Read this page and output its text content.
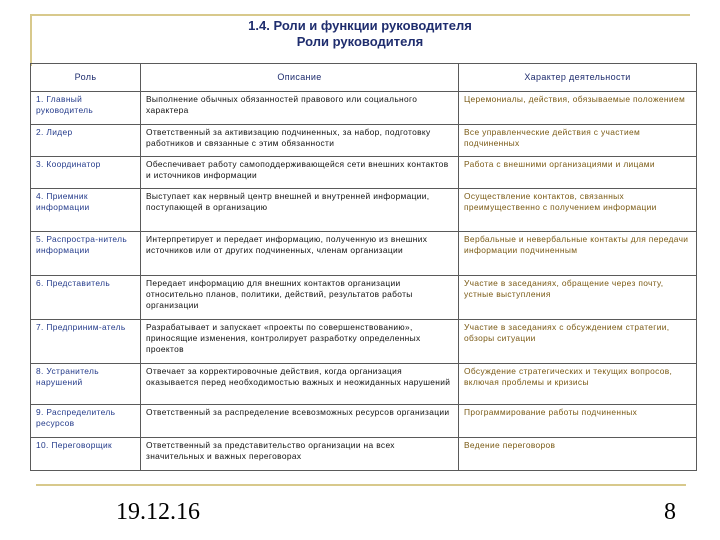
1.4. Роли и функции руководителя
Роли руководителя
Роль	Описание	Характер деятельности
1. Главный руководитель	Выполнение обычных обязанностей правового или социального характера	Церемониалы, действия, обязываемые положением
2. Лидер	Ответственный за активизацию подчиненных, за набор, подготовку работников и связанные с этим обязанности	Все управленческие действия с участием подчиненных
3. Координатор	Обеспечивает работу самоподдерживающейся сети внешних контактов и источников информации	Работа с внешними организациями и лицами
4. Приемник информации	Выступает как нервный центр внешней и внутренней информации, поступающей в организацию	Осуществление контактов, связанных преимущественно с получением информации
5. Распростра-нитель информации	Интерпретирует и передает информацию, полученную из внешних источников или от других подчиненных, членам организации	Вербальные и невербальные контакты для передачи информации подчиненным
6. Представитель	Передает информацию для внешних контактов организации относительно планов, политики, действий, результатов работы организации	Участие в заседаниях, обращение через почту, устные выступления
7. Предприним-атель	Разрабатывает и запускает «проекты по совершенствованию», приносящие изменения, контролирует разработку определенных проектов	Участие в заседаниях с обсуждением стратегии, обзоры ситуации
8. Устранитель нарушений	Отвечает за корректировочные действия, когда организация оказывается перед необходимостью важных и неожиданных нарушений	Обсуждение стратегических и текущих вопросов, включая проблемы и кризисы
9. Распределитель ресурсов	Ответственный за распределение всевозможных ресурсов организации	Программирование работы подчиненных
10. Переговорщик	Ответственный за представительство организации на всех значительных и важных переговорах	Ведение переговоров
19.12.16	8
